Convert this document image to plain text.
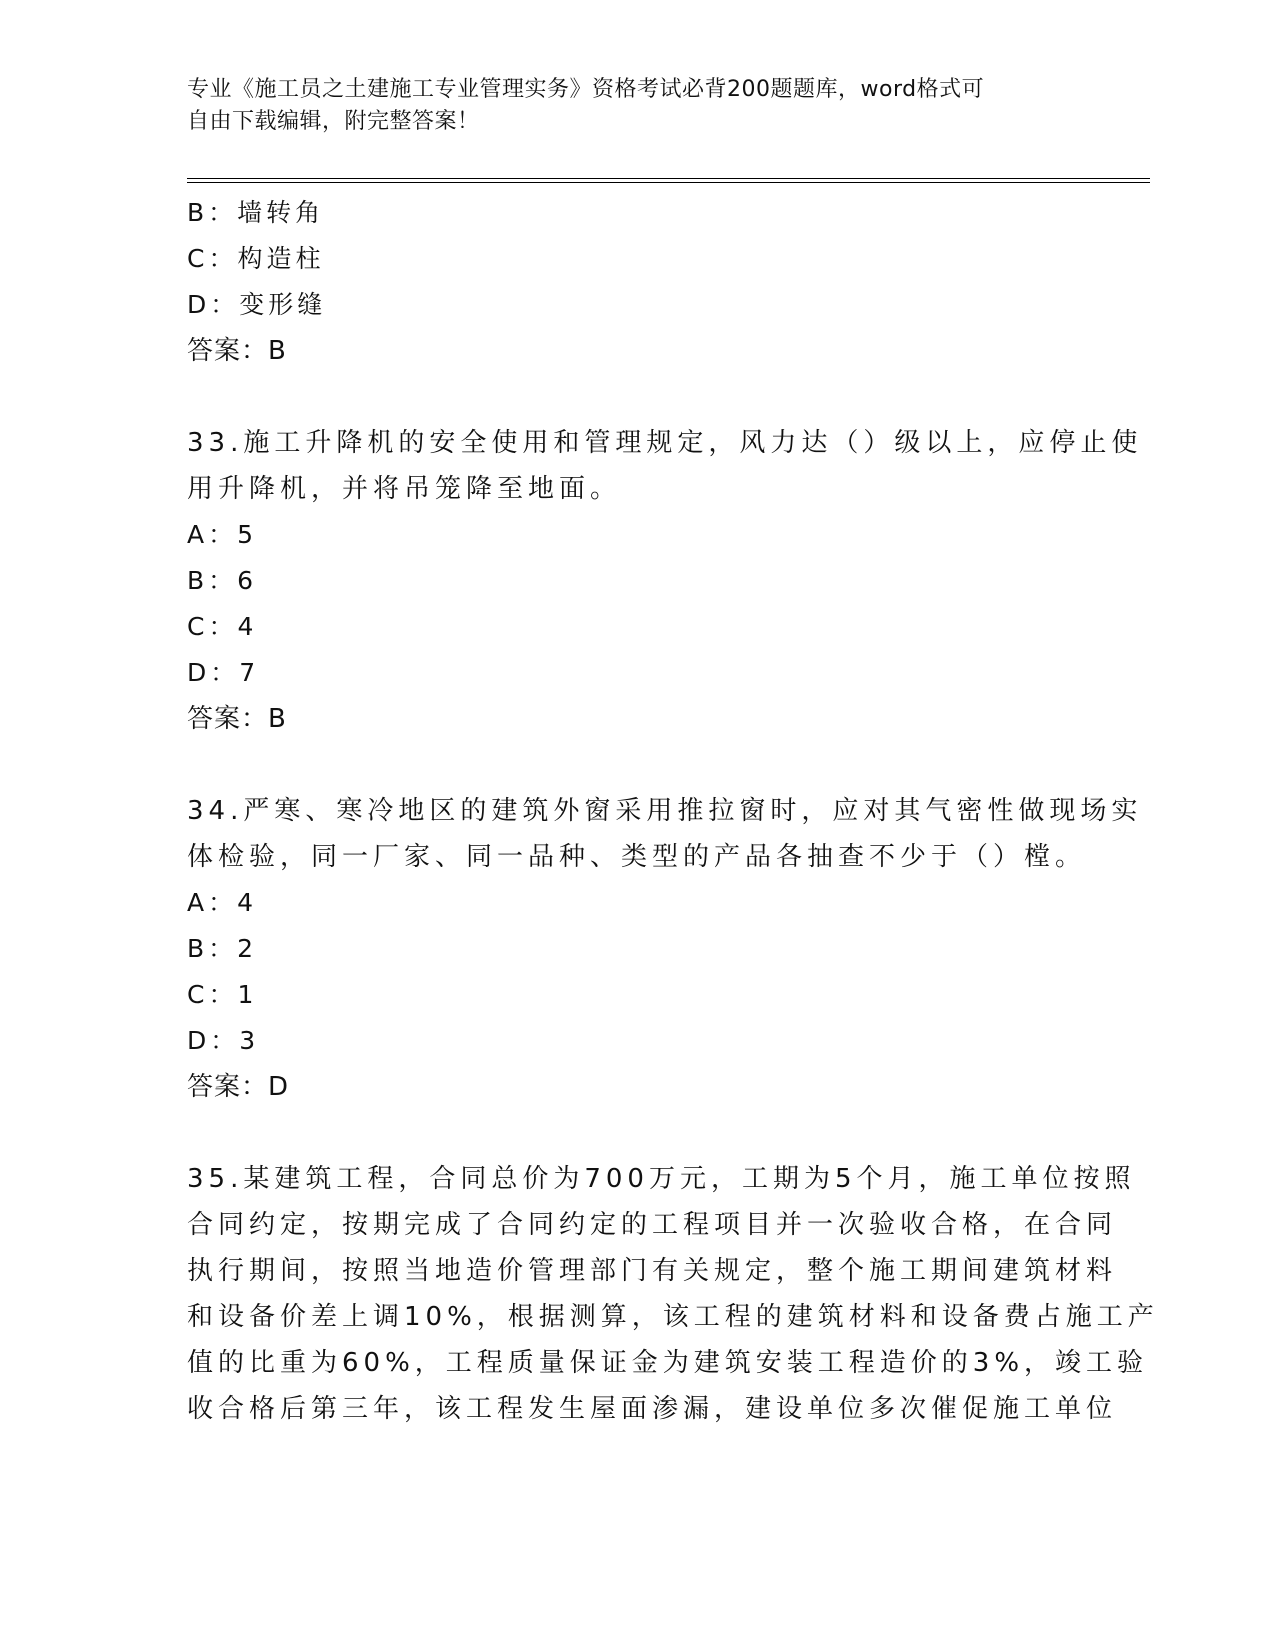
专业《施工员之土建施工专业管理实务》资格考试必背200题题库，word格式可
自由下载编辑，附完整答案！
B：墙转角
C：构造柱
D：变形缝
答案：B
33.施工升降机的安全使用和管理规定，风力达（）级以上，应停止使
用升降机，并将吊笼降至地面。
A：5
B：6
C：4
D：7
答案：B
34.严寒、寒冷地区的建筑外窗采用推拉窗时，应对其气密性做现场实
体检验，同一厂家、同一品种、类型的产品各抽查不少于（）樘。
A：4
B：2
C：1
D：3
答案：D
35.某建筑工程，合同总价为700万元，工期为5个月，施工单位按照
合同约定，按期完成了合同约定的工程项目并一次验收合格，在合同
执行期间，按照当地造价管理部门有关规定，整个施工期间建筑材料
和设备价差上调10%，根据测算，该工程的建筑材料和设备费占施工产
值的比重为60%，工程质量保证金为建筑安装工程造价的3%，竣工验
收合格后第三年，该工程发生屋面渗漏，建设单位多次催促施工单位
